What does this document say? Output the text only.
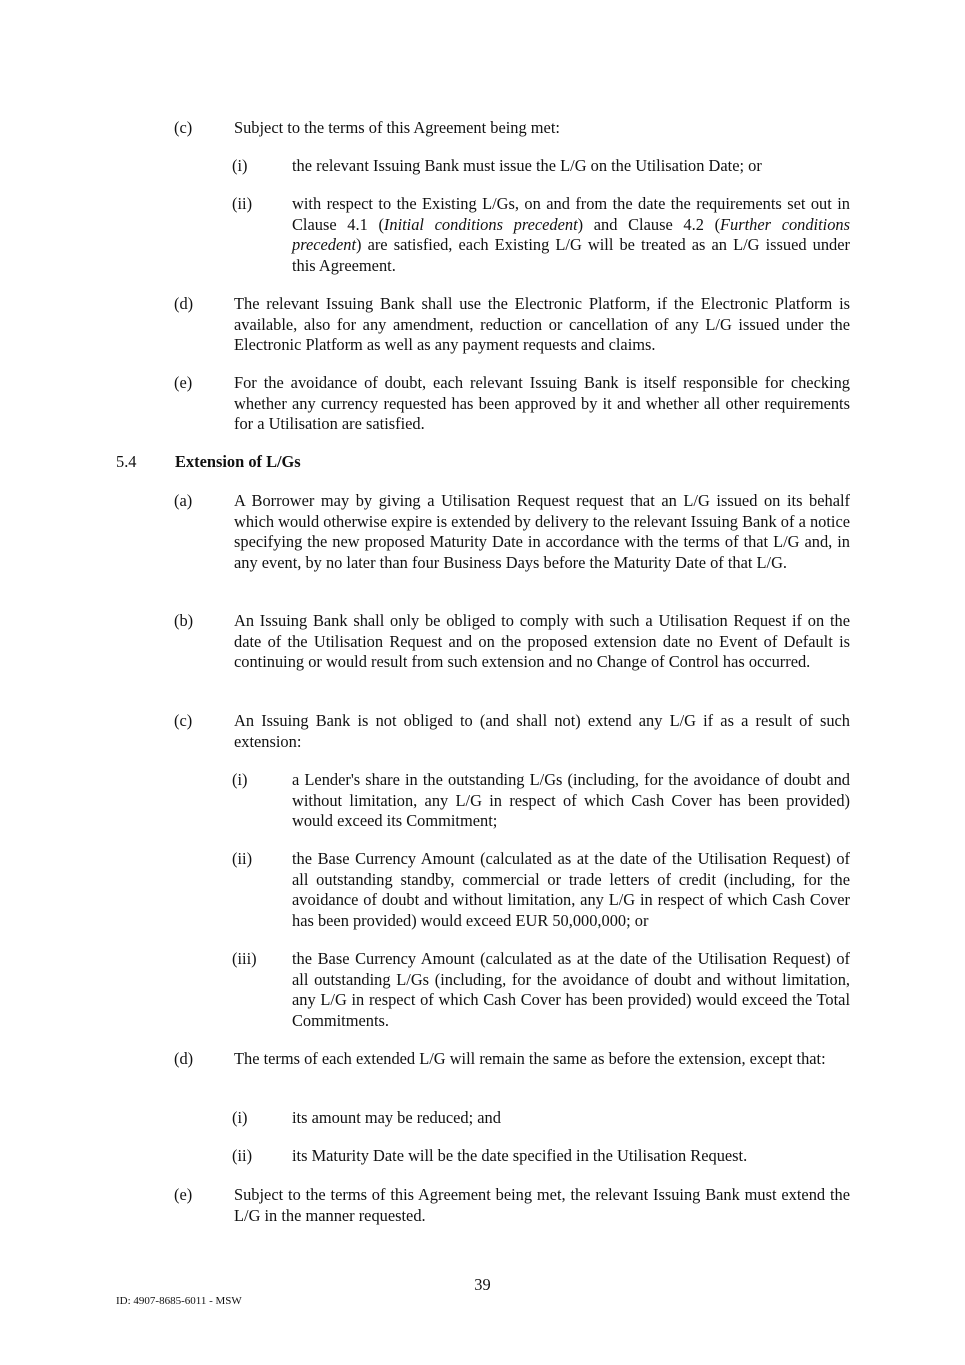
(c)	Subject to the terms of this Agreement being met:
(i)	the relevant Issuing Bank must issue the L/G on the Utilisation Date; or
(ii) with respect to the Existing L/Gs, on and from the date the requirements set out in Clause 4.1 (Initial conditions precedent) and Clause 4.2 (Further conditions precedent) are satisfied, each Existing L/G will be treated as an L/G issued under this Agreement.
(d) The relevant Issuing Bank shall use the Electronic Platform, if the Electronic Platform is available, also for any amendment, reduction or cancellation of any L/G issued under the Electronic Platform as well as any payment requests and claims.
(e)	For the avoidance of doubt, each relevant Issuing Bank is itself responsible for checking whether any currency requested has been approved by it and whether all other requirements for a Utilisation are satisfied.
5.4 Extension of L/Gs
(a)	A Borrower may by giving a Utilisation Request request that an L/G issued on its behalf which would otherwise expire is extended by delivery to the relevant Issuing Bank of a notice specifying the new proposed Maturity Date in accordance with the terms of that L/G and, in any event, by no later than four Business Days before the Maturity Date of that L/G.
(b) An Issuing Bank shall only be obliged to comply with such a Utilisation Request if on the date of the Utilisation Request and on the proposed extension date no Event of Default is continuing or would result from such extension and no Change of Control has occurred.
(c)	An Issuing Bank is not obliged to (and shall not) extend any L/G if as a result of such extension:
(i)	a Lender's share in the outstanding L/Gs (including, for the avoidance of doubt and without limitation, any L/G in respect of which Cash Cover has been provided) would exceed its Commitment;
(ii) the Base Currency Amount (calculated as at the date of the Utilisation Request) of all outstanding standby, commercial or trade letters of credit (including, for the avoidance of doubt and without limitation, any L/G in respect of which Cash Cover has been provided) would exceed EUR 50,000,000; or
(iii) the Base Currency Amount (calculated as at the date of the Utilisation Request) of all outstanding L/Gs (including, for the avoidance of doubt and without limitation, any L/G in respect of which Cash Cover has been provided) would exceed the Total Commitments.
(d) The terms of each extended L/G will remain the same as before the extension, except that:
(i)	its amount may be reduced; and
(ii) its Maturity Date will be the date specified in the Utilisation Request.
(e)	Subject to the terms of this Agreement being met, the relevant Issuing Bank must extend the L/G in the manner requested.
39
ID: 4907-8685-6011 - MSW
